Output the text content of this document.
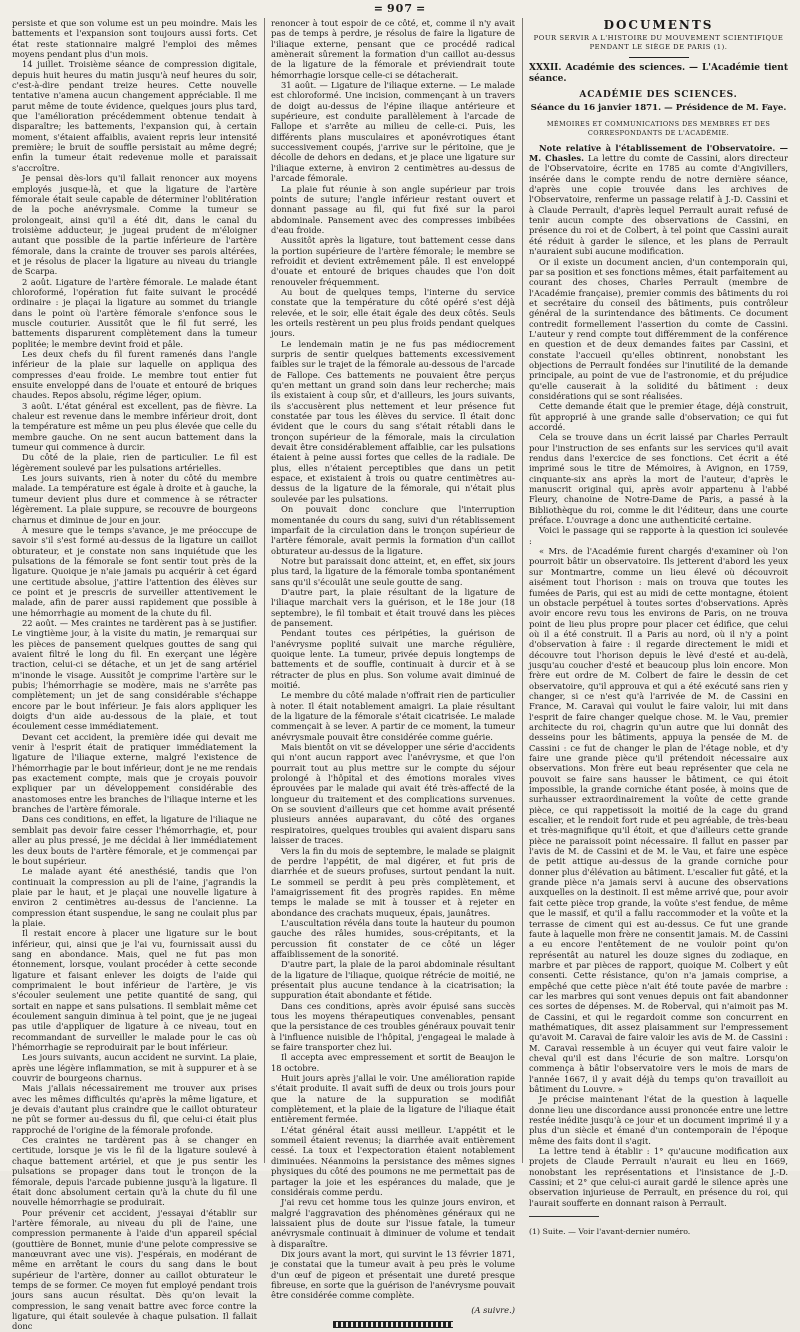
= 907 =

persiste et que son volume est un peu moindre. Mais les battements et l'expansion sont toujours aussi forts. Cet état reste stationnaire malgré l'emploi des mêmes moyens pendant plus d'un mois.

14 juillet. Troisième séance de compression digitale, depuis huit heures du matin jusqu'à neuf heures du soir, c'est-à-dire pendant treize heures. Cette nouvelle tentative n'amena aucun changement appréciable. Il me parut même de toute évidence, quelques jours plus tard, que l'amélioration précédemment obtenue tendait à disparaître; les battements, l'expansion qui, à certain moment, s'étaient affaiblis, avaient repris leur intensité première; le bruit de souffle persistait au même degré; enfin la tumeur était redevenue molle et paraissait s'accroître.

Je pensai dès-lors qu'il fallait renoncer aux moyens employés jusque-là, et que la ligature de l'artère fémorale était seule capable de déterminer l'oblitération de la poche anévrysmale. Comme la tumeur se prolongeait, ainsi qu'il a été dit, dans le canal du troisième adducteur, je jugeai prudent de m'éloigner autant que possible de la partie inférieure de l'artère fémorale, dans la crainte de trouver ses parois altérées, et je résolus de placer la ligature au niveau du triangle de Scarpa.

2 août. Ligature de l'artère fémorale. Le malade étant chloroformé, l'opération fut faite suivant le procédé ordinaire : je plaçai la ligature au sommet du triangle dans le point où l'artère fémorale s'enfonce sous le muscle couturier. Aussitôt que le fil fut serré, les battements disparurent complètement dans la tumeur poplitée; le membre devint froid et pâle.

Les deux chefs du fil furent ramenés dans l'angle inférieur de la plaie sur laquelle on appliqua des compresses d'eau froide. Le membre tout entier fut ensuite enveloppé dans de l'ouate et entouré de briques chaudes. Repos absolu, régime léger, opium.

3 août. L'état général est excellent, pas de fièvre. La chaleur est revenue dans le membre inférieur droit, dont la température est même un peu plus élevée que celle du membre gauche. On ne sent aucun battement dans la tumeur qui commence à durcir.

Du côté de la plaie, rien de particulier. Le fil est légèrement soulevé par les pulsations artérielles.

Les jours suivants, rien à noter du côté du membre malade. La température est égale à droite et à gauche, la tumeur devient plus dure et commence à se rétracter légèrement. La plaie suppure, se recouvre de bourgeons charnus et diminue de jour en jour.

À mesure que le temps s'avance, je me préoccupe de savoir s'il s'est formé au-dessus de la ligature un caillot obturateur, et je constate non sans inquiétude que les pulsations de la fémorale se font sentir tout près de la ligature. Quoique je n'aie jamais pu acquérir à cet égard une certitude absolue, j'attire l'attention des élèves sur ce point et je prescris de surveiller attentivement le malade, afin de parer aussi rapidement que possible à une hémorrhagie au moment de la chute du fil.

22 août. — Mes craintes ne tardèrent pas à se justifier. Le vingtième jour, à la visite du matin, je remarquai sur les pièces de pansement quelques gouttes de sang qui avaient filtré le long du fil. En exerçant une légère traction, celui-ci se détache, et un jet de sang artériel m'inonde le visage. Aussitôt je comprime l'artère sur le pubis; l'hémorrhagie se modère, mais ne s'arrête pas complètement; un jet de sang considérable s'échappe encore par le bout inférieur. Je fais alors appliquer les doigts d'un aide au-dessous de la plaie, et tout écoulement cesse immédiatement.

Devant cet accident, la première idée qui devait me venir à l'esprit était de pratiquer immédiatement la ligature de l'iliaque externe, malgré l'existence de l'hémorrhagie par le bout inférieur, dont je ne me rendais pas exactement compte, mais que je croyais pouvoir expliquer par un développement considérable des anastomoses entre les branches de l'iliaque interne et les branches de l'artère fémorale.

Dans ces conditions, en effet, la ligature de l'iliaque ne semblait pas devoir faire cesser l'hémorrhagie, et, pour aller au plus pressé, je me décidai à lier immédiatement les deux bouts de l'artère fémorale, et je commençai par le bout supérieur.

Le malade ayant été anesthésié, tandis que l'on continuait la compression au pli de l'aine, j'agrandis la plaie par le haut, et je plaçai une nouvelle ligature à environ 2 centimètres au-dessus de l'ancienne. La compression étant suspendue, le sang ne coulait plus par la plaie.

Il restait encore à placer une ligature sur le bout inférieur, qui, ainsi que je l'ai vu, fournissait aussi du sang en abondance. Mais, quel ne fut pas mon étonnement, lorsque, voulant procéder à cette seconde ligature et faisant enlever les doigts de l'aide qui comprimaient le bout inférieur de l'artère, je vis s'écouler seulement une petite quantité de sang, qui sortait en nappe et sans pulsations. Il semblait même cet écoulement sanguin diminua à tel point, que je ne jugeai pas utile d'appliquer de ligature à ce niveau, tout en recommandant de surveiller le malade pour le cas où l'hémorrhagie se reproduirait par le bout inférieur.

Les jours suivants, aucun accident ne survint. La plaie, après une légère inflammation, se mit à suppurer et à se couvrir de bourgeons charnus.

Mais j'allais nécessairement me trouver aux prises avec les mêmes difficultés qu'après la même ligature, et je devais d'autant plus craindre que le caillot obturateur ne pût se former au-dessus du fil, que celui-ci était plus rapproché de l'origine de la fémorale profonde.

Ces craintes ne tardèrent pas à se changer en certitude, lorsque je vis le fil de la ligature soulevé à chaque battement artériel, et que je pus sentir les pulsations se propager dans tout le tronçon de la fémorale, depuis l'arcade pubienne jusqu'à la ligature. Il était donc absolument certain qu'à la chute du fil une nouvelle hémorrhagie se produirait.

Pour prévenir cet accident, j'essayai d'établir sur l'artère fémorale, au niveau du pli de l'aine, une compression permanente à l'aide d'un appareil spécial (gouttière de Bonnet, munie d'une pelote compressive se manœuvrant avec une vis). J'espérais, en modérant de même en arrêtant le cours du sang dans le bout supérieur de l'artère, donner au caillot obturateur le temps de se former. Ce moyen fut employé pendant trois jours sans aucun résultat. Dès qu'on levait la compression, le sang venait battre avec force contre la ligature, qui était soulevée à chaque pulsation. Il fallait donc

renoncer à tout espoir de ce côté, et, comme il n'y avait pas de temps à perdre, je résolus de faire la ligature de l'iliaque externe, pensant que ce procédé radical amènerait sûrement la formation d'un caillot au-dessus de la ligature de la fémorale et préviendrait toute hémorrhagie lorsque celle-ci se détacherait.

31 août. — Ligature de l'iliaque externe. — Le malade est chloroformé. Une incision, commençant à un travers de doigt au-dessus de l'épine iliaque antérieure et supérieure, est conduite parallèlement à l'arcade de Fallope et s'arrête au milieu de celle-ci. Puis, les différents plans musculaires et aponévrotiques étant successivement coupés, j'arrive sur le péritoine, que je décolle de dehors en dedans, et je place une ligature sur l'iliaque externe, à environ 2 centimètres au-dessus de l'arcade fémorale.

La plaie fut réunie à son angle supérieur par trois points de suture; l'angle inférieur restant ouvert et donnant passage au fil, qui fut fixé sur la paroi abdominale. Pansement avec des compresses imbibées d'eau froide.

Aussitôt après la ligature, tout battement cesse dans la portion supérieure de l'artère fémorale; le membre se refroidit et devient extrêmement pâle. Il est enveloppé d'ouate et entouré de briques chaudes que l'on doit renouveler fréquemment.

Au bout de quelques temps, l'interne du service constate que la température du côté opéré s'est déjà relevée, et le soir, elle était égale des deux côtés. Seuls les orteils restèrent un peu plus froids pendant quelques jours.

Le lendemain matin je ne fus pas médiocrement surpris de sentir quelques battements excessivement faibles sur le trajet de la fémorale au-dessous de l'arcade de Fallope. Ces battements ne pouvaient être perçus qu'en mettant un grand soin dans leur recherche; mais ils existaient à coup sûr, et d'ailleurs, les jours suivants, ils s'accusèrent plus nettement et leur présence fut constatée par tous les élèves du service. Il était donc évident que le cours du sang s'était rétabli dans le tronçon supérieur de la fémorale, mais la circulation devait être considérablement affaiblie, car les pulsations étaient à peine aussi fortes que celles de la radiale. De plus, elles n'étaient perceptibles que dans un petit espace, et existaient à trois ou quatre centimètres au-dessus de la ligature de la fémorale, qui n'était plus soulevée par les pulsations.

On pouvait donc conclure que l'interruption momentanée du cours du sang, suivi d'un rétablissement imparfait de la circulation dans le tronçon supérieur de l'artère fémorale, avait permis la formation d'un caillot obturateur au-dessus de la ligature.

Notre but paraissait donc atteint, et, en effet, six jours plus tard, la ligature de la fémorale tomba spontanément sans qu'il s'écoulât une seule goutte de sang.

D'autre part, la plaie résultant de la ligature de l'iliaque marchait vers la guérison, et le 18e jour (18 septembre), le fil tombait et était trouvé dans les pièces de pansement.

Pendant toutes ces péripéties, la guérison de l'anévrysme poplité suivait une marche régulière, quoique lente. La tumeur, privée depuis longtemps de battements et de souffle, continuait à durcir et à se rétracter de plus en plus. Son volume avait diminué de moitié.

Le membre du côté malade n'offrait rien de particulier à noter. Il était notablement amaigri. La plaie résultant de la ligature de la fémorale s'était cicatrisée. Le malade commençait à se lever. A partir de ce moment, la tumeur anévrysmale pouvait être considérée comme guérie.

Mais bientôt on vit se développer une série d'accidents qui n'ont aucun rapport avec l'anévrysme, et que l'on pourrait tout au plus mettre sur le compte du séjour prolongé à l'hôpital et des émotions morales vives éprouvées par le malade qui avait été très-affecté de la longueur du traitement et des complications survenues. On se souvient d'ailleurs que cet homme avait présenté plusieurs années auparavant, du côté des organes respiratoires, quelques troubles qui avaient disparu sans laisser de traces.

Vers la fin du mois de septembre, le malade se plaignit de perdre l'appétit, de mal digérer, et fut pris de diarrhée et de sueurs profuses, surtout pendant la nuit. Le sommeil se perdit à peu près complètement, et l'amaigrissement fit des progrès rapides. En même temps le malade se mit à tousser et à rejeter en abondance des crachats muqueux, épais, jaunâtres.

L'auscultation révéla dans toute la hauteur du poumon gauche des râles humides, sous-crépitants, et la percussion fit constater de ce côté un léger affaiblissement de la sonorité.

D'autre part, la plaie de la paroi abdominale résultant de la ligature de l'iliaque, quoique rétrécie de moitié, ne présentait plus aucune tendance à la cicatrisation; la suppuration était abondante et fétide.

Dans ces conditions, après avoir épuisé sans succès tous les moyens thérapeutiques convenables, pensant que la persistance de ces troubles généraux pouvait tenir à l'influence nuisible de l'hôpital, j'engageai le malade à se faire transporter chez lui.

Il accepta avec empressement et sortit de Beaujon le 18 octobre.

Huit jours après j'allai le voir. Une amélioration rapide s'était produite. Il avait suffi de deux ou trois jours pour que la nature de la suppuration se modifiât complètement, et la plaie de la ligature de l'iliaque était entièrement fermée.

L'état général était aussi meilleur. L'appétit et le sommeil étaient revenus; la diarrhée avait entièrement cessé. La toux et l'expectoration étaient notablement diminuées. Néanmoins la persistance des mêmes signes physiques du côté des poumons ne me permettait pas de partager la joie et les espérances du malade, que je considérais comme perdu.

J'ai revu cet homme tous les quinze jours environ, et malgré l'aggravation des phénomènes généraux qui ne laissaient plus de doute sur l'issue fatale, la tumeur anévrysmale continuait à diminuer de volume et tendait à disparaître.

Dix jours avant la mort, qui survint le 13 février 1871, je constatai que la tumeur avait à peu près le volume d'un œuf de pigeon et présentait une dureté presque fibreuse, en sorte que la guérison de l'anévrysme pouvait être considérée comme complète.

(A suivre.)

DOCUMENTS
POUR SERVIR A L'HISTOIRE DU MOUVEMENT SCIENTIFIQUE PENDANT LE SIÈGE DE PARIS (1).

XXXII. Académie des sciences. — L'Académie tient séance.

ACADÉMIE DES SCIENCES.
Séance du 16 janvier 1871. — Présidence de M. Faye.
MÉMOIRES ET COMMUNICATIONS DES MEMBRES ET DES CORRESPONDANTS DE L'ACADÉMIE.

Note relative à l'établissement de l'Observatoire. — M. Chasles. La lettre du comte de Cassini, alors directeur de l'Observatoire, écrite en 1785 au comte d'Angivillers, insérée dans le compte rendu de notre dernière séance, d'après une copie trouvée dans les archives de l'Observatoire, renferme un passage relatif à J.-D. Cassini et à Claude Perrault, d'après lequel Perrault aurait refusé de tenir aucun compte des observations de Cassini, en présence du roi et de Colbert, à tel point que Cassini aurait été réduit à garder le silence, et les plans de Perrault n'auraient subi aucune modification.

Or il existe un document ancien, d'un contemporain qui, par sa position et ses fonctions mêmes, était parfaitement au courant des choses, Charles Perrault (membre de l'Académie française), premier commis des bâtiments du roi et secrétaire du conseil des bâtiments, puis contrôleur général de la surintendance des bâtiments. Ce document contredit formellement l'assertion du comte de Cassini. L'auteur y rend compte tout différemment de la conférence en question et de deux demandes faites par Cassini, et constate l'accueil qu'elles obtinrent, nonobstant les objections de Perrault fondées sur l'inutilité de la demande principale, au point de vue de l'astronomie, et du préjudice qu'elle causerait à la solidité du bâtiment : deux considérations qui se sont réalisées.

Cette demande était que le premier étage, déjà construit, fût approprié à une grande salle d'observation; ce qui fut accordé.

Cela se trouve dans un écrit laissé par Charles Perrault pour l'instruction de ses enfants sur les services qu'il avait rendus dans l'exercice de ses fonctions. Cet écrit a été imprimé sous le titre de Mémoires, à Avignon, en 1759, cinquante-six ans après la mort de l'auteur, d'après le manuscrit original qui, après avoir appartenu à l'abbé Fleury, chanoine de Notre-Dame de Paris, a passé à la Bibliothèque du roi, comme le dit l'éditeur, dans une courte préface. L'ouvrage a donc une authenticité certaine.

Voici le passage qui se rapporte à la question ici soulevée :

« Mrs. de l'Académie furent chargés d'examiner où l'on pourroit bâtir un observatoire. Ils jetterent d'abord les yeux sur Montmartre, comme un lieu élevé où découvroit aisément tout l'horison : mais on trouva que toutes les fumées de Paris, qui est au midi de cette montagne, étoient un obstacle perpétuel à toutes sortes d'observations. Après avoir encore revu tous les environs de Paris, on ne trouva point de lieu plus propre pour placer cet édifice, que celui où il a été construit. Il a Paris au nord, où il n'y a point d'observation à faire : il regarde directement le midi et découvre tout l'horison depuis le lèvé d'esté et au-delà, jusqu'au coucher d'esté et beaucoup plus loin encore. Mon frère eut ordre de M. Colbert de faire le dessin de cet observatoire, qu'il approuva et qui a été exécuté sans rien y changer, si ce n'est qu'à l'arrivée de M. de Cassini en France, M. Caravaì qui voulut le faire valoir, lui mit dans l'esprit de faire changer quelque chose. M. le Vau, premier architecte du roi, chagrin qu'un autre que lui donnât des desseins pour les bâtiments, appuya la pensée de M. de Cassini : ce fut de changer le plan de l'étage noble, et d'y faire une grande pièce qu'il prétendoit nécessaire aux observations. Mon frère eut beau représenter que cela ne pouvoit se faire sans hausser le bâtiment, ce qui étoit impossible, la grande corniche étant posée, à moins que de surhausser extraordinairement la voûte de cette grande pièce, ce qui rappetissoit la moitié de la cage du grand escalier, et le rendoit fort rude et peu agréable, de très-beau et très-magnifique qu'il étoit, et que d'ailleurs cette grande pièce ne paraissoit point nécessaire. Il fallut en passer par l'avis de M. de Cassini et de M. le Vau, et faire une espèce de petit attique au-dessus de la grande corniche pour donner plus d'élévation au bâtiment. L'escalier fut gâté, et la grande pièce n'a jamais servi à aucune des observations auxquelles on la destinoit. Il est même arrivé que, pour avoir fait cette pièce trop grande, la voûte s'est fendue, de même que le massif, et qu'il a fallu raccommoder et la voûte et la terrasse de ciment qui est au-dessus. Ce fut une grande faute à laquelle mon frère ne consentit jamais. M. de Cassini a eu encore l'entêtement de ne vouloir point qu'on représentât au naturel les douze signes du zodiaque, en marbre et par pièces de rapport, quoique M. Colbert y eût consenti. Cette résistance, qu'on n'a jamais comprise, a empêché que cette pièce n'ait été toute pavée de marbre : car les marbres qui sont venues depuis ont fait abandonner ces sortes de dépenses. M. de Roberval, qui n'aimoit pas M. de Cassini, et qui le regardoit comme son concurrent en mathématiques, dit assez plaisamment sur l'empressement qu'avoit M. Caravaì de faire valoir les avis de M. de Cassini : M. Caravaì ressemble à un écuyer qui veut faire valoir le cheval qu'il est dans l'écurie de son maître. Lorsqu'on commença à bâtir l'observatoire vers le mois de mars de l'année 1667, il y avait déjà du temps qu'on travailloit au bâtiment du Louvre. »

Je précise maintenant l'état de la question à laquelle donne lieu une discordance aussi prononcée entre une lettre restée inédite jusqu'à ce jour et un document imprimé il y a plus d'un siècle et émané d'un contemporain de l'époque même des faits dont il s'agit.

La lettre tend à établir : 1° qu'aucune modification aux projets de Claude Perrault n'aurait eu lieu en 1669, nonobstant les représentations et l'insistance de J.-D. Cassini; et 2° que celui-ci aurait gardé le silence après une observation injurieuse de Perrault, en présence du roi, qui l'aurait soufferte en donnant raison à Perrault.

(1) Suite. — Voir l'avant-dernier numéro.
